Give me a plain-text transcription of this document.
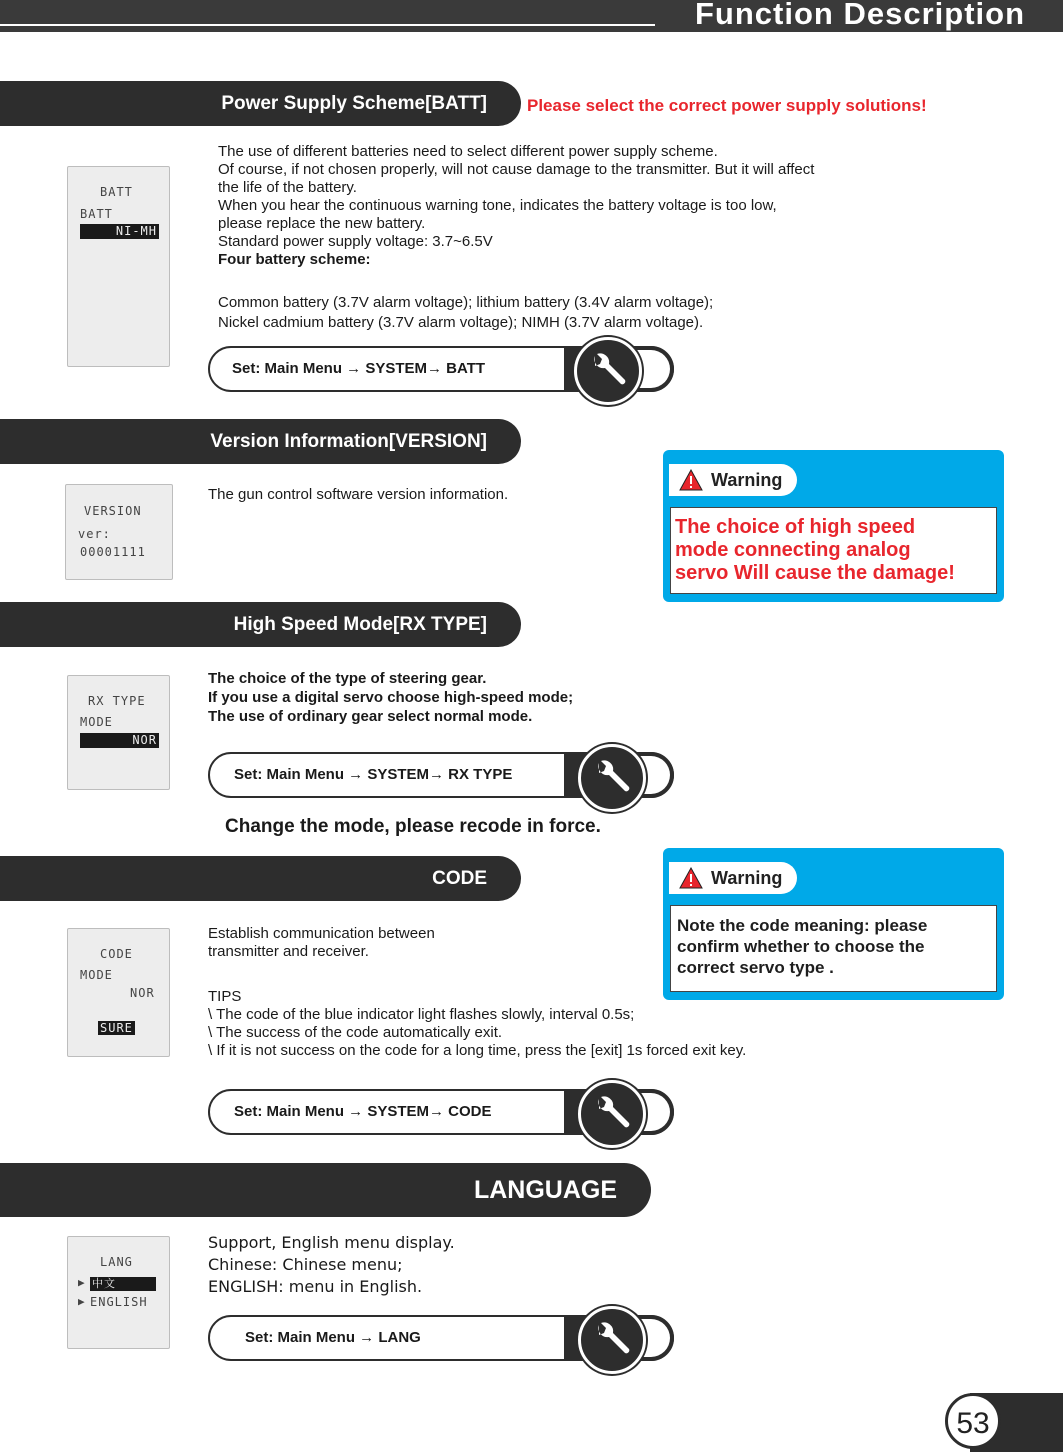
Function Description
Power Supply Scheme[BATT]	Please select the correct power supply solutions!
BATT
BATT
NI-MH

The use of different batteries need to select different power supply scheme.

Of course, if not chosen properly, will not cause damage to the transmitter. But it will affect

the life of the battery.

When you hear the continuous warning tone, indicates the battery voltage is too low,

please replace the new battery.

Standard power supply voltage: 3.7~6.5V

Four battery scheme:

Common battery (3.7V alarm voltage); lithium battery (3.4V alarm voltage);

Nickel cadmium battery (3.7V alarm voltage); NIMH (3.7V alarm voltage).

Set: Main Menu → SYSTEM→ BATT
Version Information[VERSION]
VERSION
ver:
00001111
The gun control software version information.
Warning
The choice of high speed
mode connecting analog
servo Will cause the damage!
High Speed Mode[RX TYPE]
RX TYPE
MODE
NOR

The choice of the type of steering gear.

If you use a digital servo choose high-speed mode;

The use of ordinary gear select normal mode.

Set: Main Menu → SYSTEM→ RX TYPE
Change the mode, please recode in force.
CODE
CODE
MODE
NOR
SURE

Establish communication between

transmitter and receiver.

TIPS

\ The code of the blue indicator light flashes slowly, interval 0.5s;

\ The success of the code automatically exit.

\ If it is not success on the code for a long time, press the [exit] 1s forced exit key.

Warning
Note the code meaning: please
confirm whether to choose the
correct servo type .
Set: Main Menu → SYSTEM→ CODE
LANGUAGE
LANG
▶ 中文
▶ ENGLISH
Support, English menu display.
Chinese: Chinese menu;
ENGLISH: menu in English.
Set: Main Menu → LANG
53
